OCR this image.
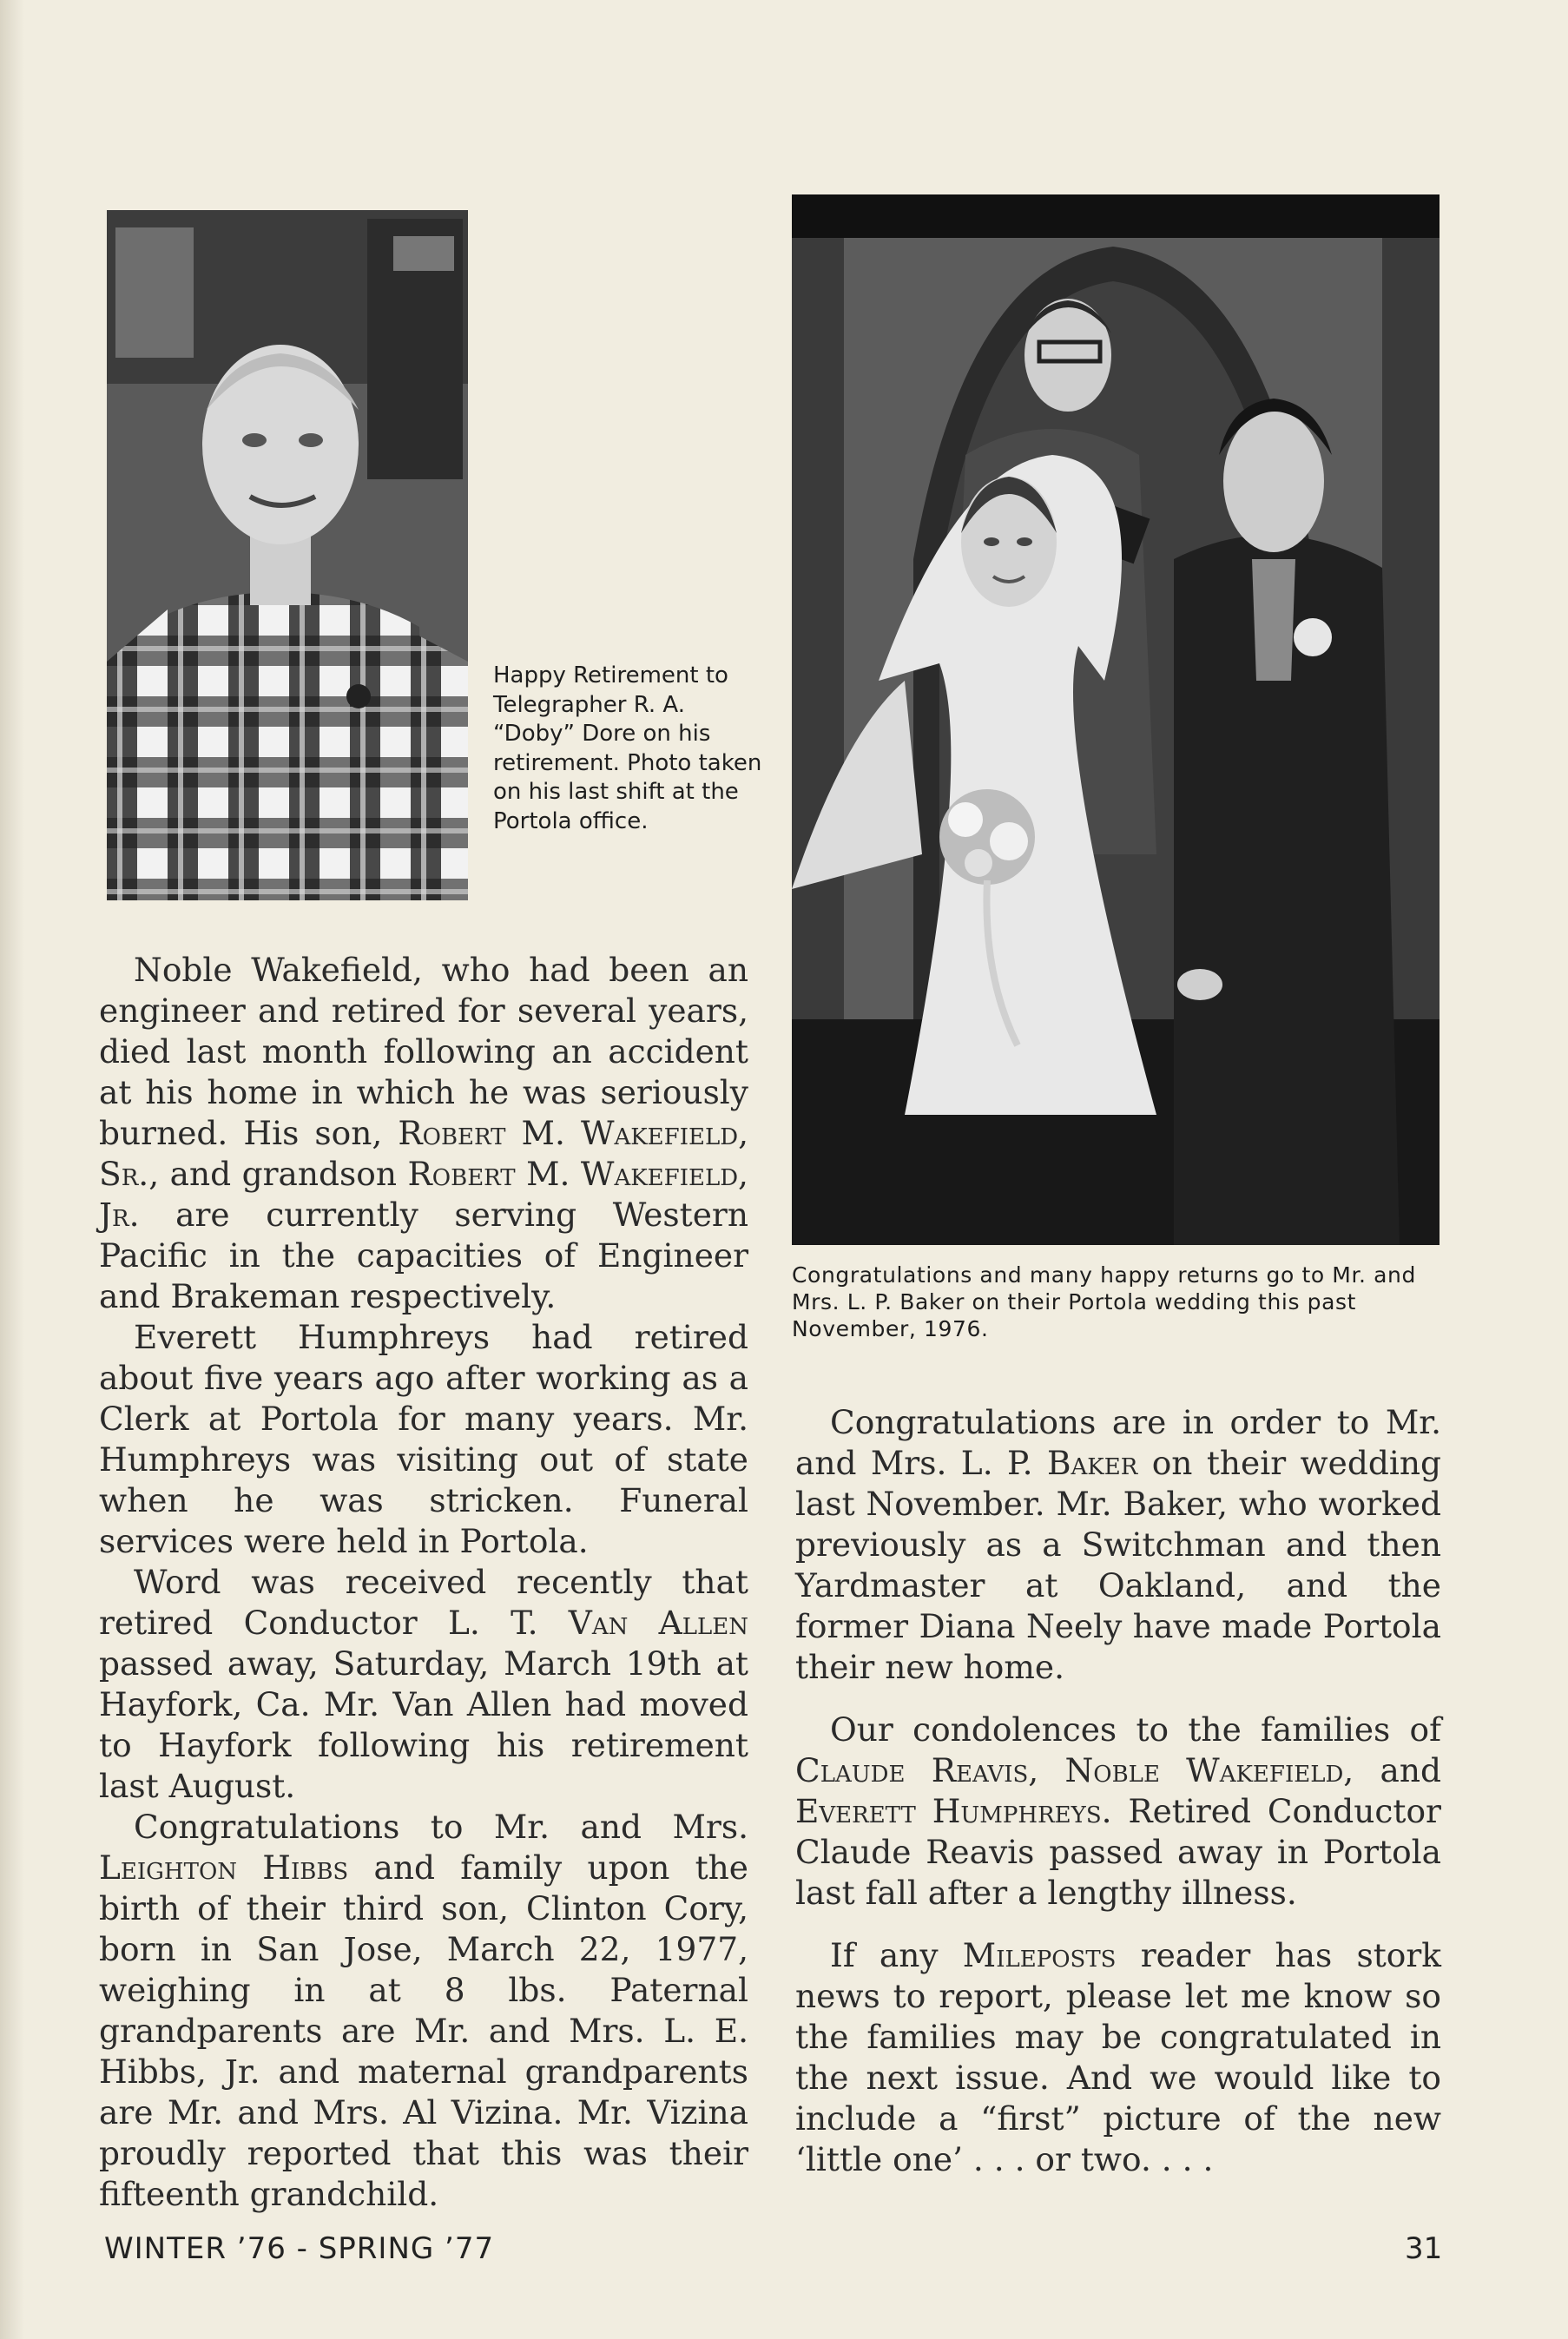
Happy Retirement to Telegrapher R. A. “Doby” Dore on his retirement. Photo taken on his last shift at the Portola office.
Congratulations and many happy returns go to Mr. and Mrs. L. P. Baker on their Portola wedding this past November, 1976.

Noble Wakefield, who had been an engineer and retired for several years, died last month following an accident at his home in which he was seriously burned. His son, Robert M. Wakefield, Sr., and grandson Robert M. Wakefield, Jr. are currently serving Western Pacific in the capacities of Engineer and Brakeman respectively.

Everett Humphreys had retired about five years ago after working as a Clerk at Portola for many years. Mr. Humphreys was visiting out of state when he was stricken. Funeral services were held in Portola.

Word was received recently that retired Conductor L. T. Van Allen passed away, Saturday, March 19th at Hayfork, Ca. Mr. Van Allen had moved to Hayfork following his retirement last August.

Congratulations to Mr. and Mrs. Leighton Hibbs and family upon the birth of their third son, Clinton Cory, born in San Jose, March 22, 1977, weighing in at 8 lbs. Paternal grandparents are Mr. and Mrs. L. E. Hibbs, Jr. and maternal grandparents are Mr. and Mrs. Al Vizina. Mr. Vizina proudly reported that this was their fifteenth grandchild.

Congratulations are in order to Mr. and Mrs. L. P. Baker on their wedding last November. Mr. Baker, who worked previously as a Switchman and then Yardmaster at Oakland, and the former Diana Neely have made Portola their new home.

Our condolences to the families of Claude Reavis, Noble Wakefield, and Everett Humphreys. Retired Conductor Claude Reavis passed away in Portola last fall after a lengthy illness.

If any Mileposts reader has stork news to report, please let me know so the families may be congratulated in the next issue. And we would like to include a “first” picture of the new ‘little one’ . . . or two. . . .

WINTER ’76 - SPRING ’77	31
